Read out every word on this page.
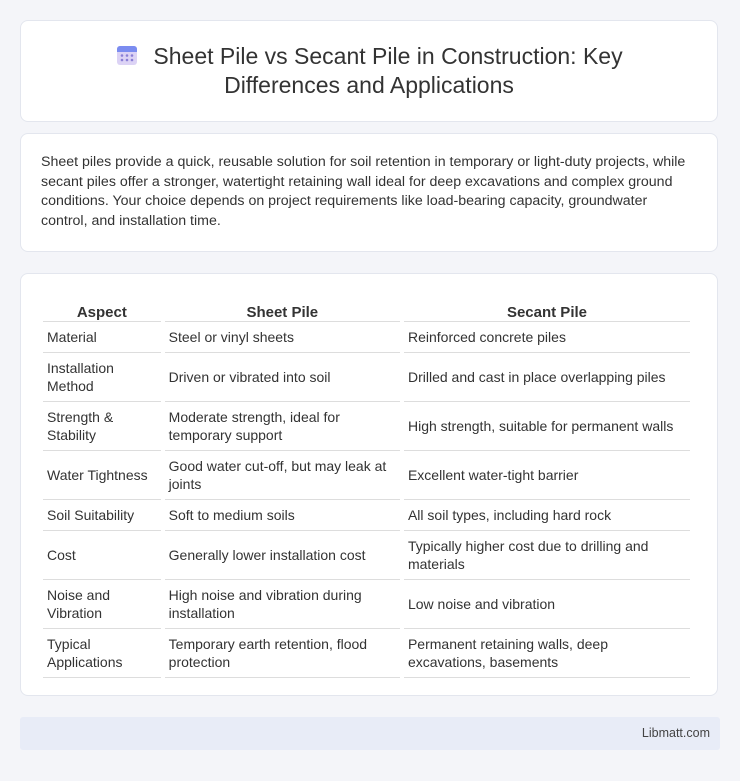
Sheet Pile vs Secant Pile in Construction: Key Differences and Applications

Sheet piles provide a quick, reusable solution for soil retention in temporary or light-duty projects, while secant piles offer a stronger, watertight retaining wall ideal for deep excavations and complex ground conditions. Your choice depends on project requirements like load-bearing capacity, groundwater control, and installation time.

Aspect	Sheet Pile	Secant Pile
Material	Steel or vinyl sheets	Reinforced concrete piles
Installation Method	Driven or vibrated into soil	Drilled and cast in place overlapping piles
Strength & Stability	Moderate strength, ideal for temporary support	High strength, suitable for permanent walls
Water Tightness	Good water cut-off, but may leak at joints	Excellent water-tight barrier
Soil Suitability	Soft to medium soils	All soil types, including hard rock
Cost	Generally lower installation cost	Typically higher cost due to drilling and materials
Noise and Vibration	High noise and vibration during installation	Low noise and vibration
Typical Applications	Temporary earth retention, flood protection	Permanent retaining walls, deep excavations, basements
Libmatt.com
